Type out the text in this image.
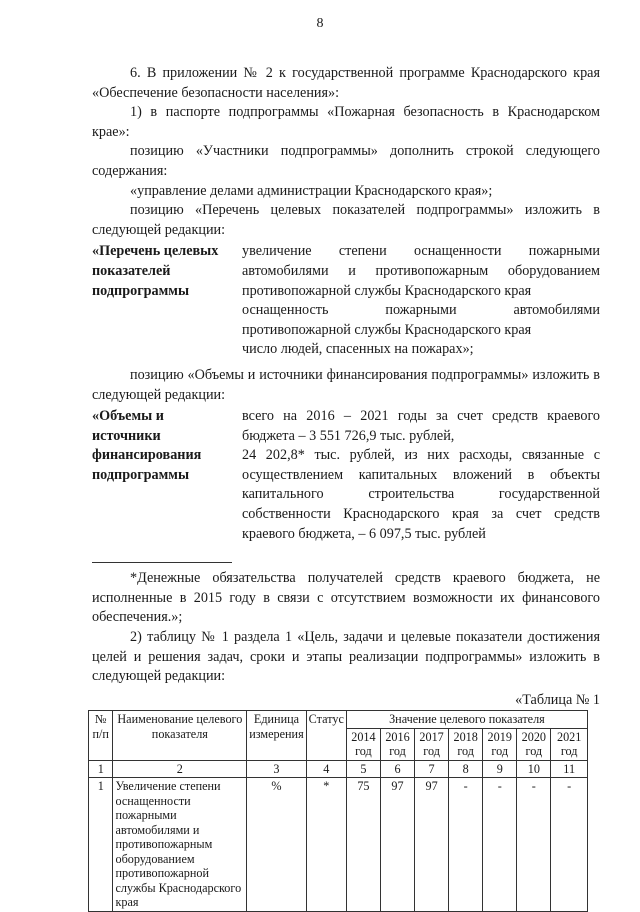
8

6. В приложении № 2 к государственной программе Краснодарского края «Обеспечение безопасности населения»:

1) в паспорте подпрограммы «Пожарная безопасность в Краснодарском крае»:

позицию «Участники подпрограммы» дополнить строкой следующего содержания:

«управление делами администрации Краснодарского края»;

позицию «Перечень целевых показателей подпрограммы» изложить в следующей редакции:

«Перечень целевых показателей подпрограммы
увеличение степени оснащенности пожарными автомобилями и противопожарным оборудованием противопожарной службы Краснодарского края
оснащенность пожарными автомобилями противопожарной службы Краснодарского края
число людей, спасенных на пожарах»;

позицию «Объемы и источники финансирования подпрограммы» изложить в следующей редакции:

«Объемы и источники финансирования подпрограммы
всего на 2016 – 2021 годы за счет средств краевого бюджета – 3 551 726,9 тыс. рублей,
24 202,8* тыс. рублей, из них расходы, связанные с осуществлением капитальных вложений в объекты капитального строительства государственной собственности Краснодарского края за счет средств краевого бюджета, – 6 097,5 тыс. рублей

*Денежные обязательства получателей средств краевого бюджета, не исполненные в 2015 году в связи с отсутствием возможности их финансового обеспечения.»;

2) таблицу № 1 раздела 1 «Цель, задачи и целевые показатели достижения целей и решения задач, сроки и этапы реализации подпрограммы» изложить в следующей редакции:

«Таблица № 1
№ п/п	Наименование целевого показателя	Единица измерения	Статус	Значение целевого показателя						
				2014 год	2016 год	2017 год	2018 год	2019 год	2020 год	2021 год
1	2	3	4	5	6	7	8	9	10	11
1	Увеличение степени оснащенности пожарными автомобилями и противопожарным оборудованием противопожарной службы Краснодарского края	%	*	75	97	97	-	-	-	-
